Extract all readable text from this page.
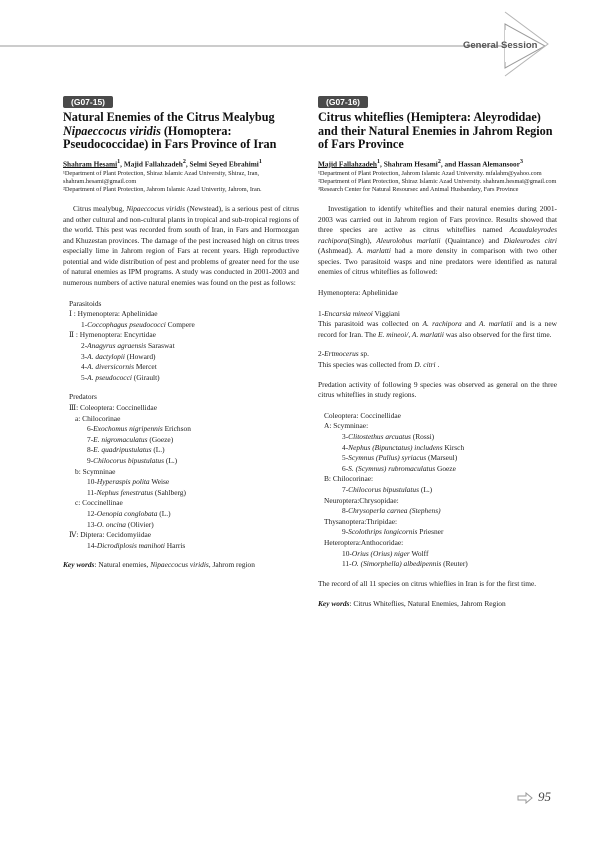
General Session
(G07-15)
Natural Enemies of the Citrus Mealybug
Nipaeccocus viridis (Homoptera: Pseudococcidae) in Fars Province of Iran
Shahram Hesami$^1$, Majid Fallahzadeh$^2$, Selmi Seyed Ebrahimi$^1$
¹Department of Plant Protection, Shiraz Islamic Azad University, Shiraz, Iran, shahram.hesami@gmail.com
²Department of Plant Protection, Jahrom Islamic Azad Univerity, Jahrom, Iran.
Citrus mealybug, Nipaeccocus viridis (Newstead), is a serious pest of citrus and other cultural and non-cultural plants in tropical and sub-tropical regions of the world. This pest was recorded from south of Iran, in Fars and Hormozgan and Khuzestan provinces. The damage of the pest increased high on citrus trees especially lime in Jahrom region of Fars at recent years. High reproductive potential and wide distribution of pest and problems of greater need for the use of natural enemies as IPM programs. A study was conducted in 2001-2003 and numerous numbers of active natural enemies was found on the pest as follows:
Parasitoids
Ⅰ : Hymenoptera: Aphelinidae
1-Coccophagus pseudococci Compere
Ⅱ : Hymenoptera: Encyrtidae
2-Anagyrus agraensis Saraswat
3-A. dactylopii (Howard)
4-A. diversicornis Mercet
5-A. pseudococci (Girault)
Predators
Ⅲ: Coleoptera: Coccinellidae
a: Chilocorinae
6-Exochomus nigripennis Erichson
7-E. nigromaculatus (Goeze)
8-E. quadripustulatus (L.)
9-Chilocorus bipustulatus (L.)
b: Scymninae
10-Hyperaspis polita Weise
11-Nephus fenestratus (Sahlberg)
c: Coccinellinae
12-Oenopia conglobata (L.)
13-O. oncina (Olivier)
Ⅳ: Diptera: Cecidomyiidae
14-Dicrodiplosis manihoti Harris
Key words: Natural enemies, Nipaeccocus viridis, Jahrom region
(G07-16)
Citrus whiteflies (Hemiptera: Aleyrodidae) and their Natural Enemies in Jahrom Region of Fars Province
Majid Fallahzadeh$^1$, Shahram Hesami$^2$, and Hassan Alemansoor$^3$
¹Department of Plant Protection, Jahrom Islamic Azad University. mfalahm@yahoo.com
²Department of Plant Protection, Shiraz Islamic Azad University. shahram.hesmai@gmail.com
³Research Center for Natural Resoursec and Animal Husbandary, Fars Province
Investigation to identify whiteflies and their natural enemies during 2001-2003 was carried out in Jahrom region of Fars province. Results showed that three species are active as citrus whiteflies named Acaudaleyrodes rachipora(Singh), Aleurolobus marlatii (Quaintance) and Dialeurodes citri (Ashmead). A. marlatti had a more density in comparison with two other species. Two parasitoid wasps and nine predators were identified as natural enemies of citrus whiteflies as followed:
Hymenoptera: Aphelinidae
1-Encarsia mineoi Viggiani
This parasitoid was collected on A. rachipora and A. marlatii and is a new record for Iran. The E. mineoi/, A. marlatii was also observed for the first time.
2-Ertmocerus sp.
This species was collected from D. citri .
Predation activity of following 9 species was observed as general on the three citrus whiteflies in study regions.
Coleoptera: Coccinellidae
A: Scymninae:
3-Clitostethus arcuatus (Rossi)
4-Nephus (Bipunctatus) includens Kirsch
5-Scymnus (Pullus) syriacus (Marseul)
6-S. (Scymnus) rubromaculatus Goeze
B: Chilocorinae:
7-Chilocorus bipustulatus (L.)
Neuroptera:Chrysopidae:
8-Chrysoperla carnea (Stephens)
Thysanoptera:Thripidae:
9-Scolothrips longicornis Priesner
Heteroptera:Anthocoridae:
10-Orius (Orius) niger Wolff
11-O. (Simorphella) albedipennis (Reuter)
The record of all 11 species on citrus whieflies in Iran is for the first time.
Key words: Citrus Whiteflies, Natural Enemies, Jahrom Region
95
